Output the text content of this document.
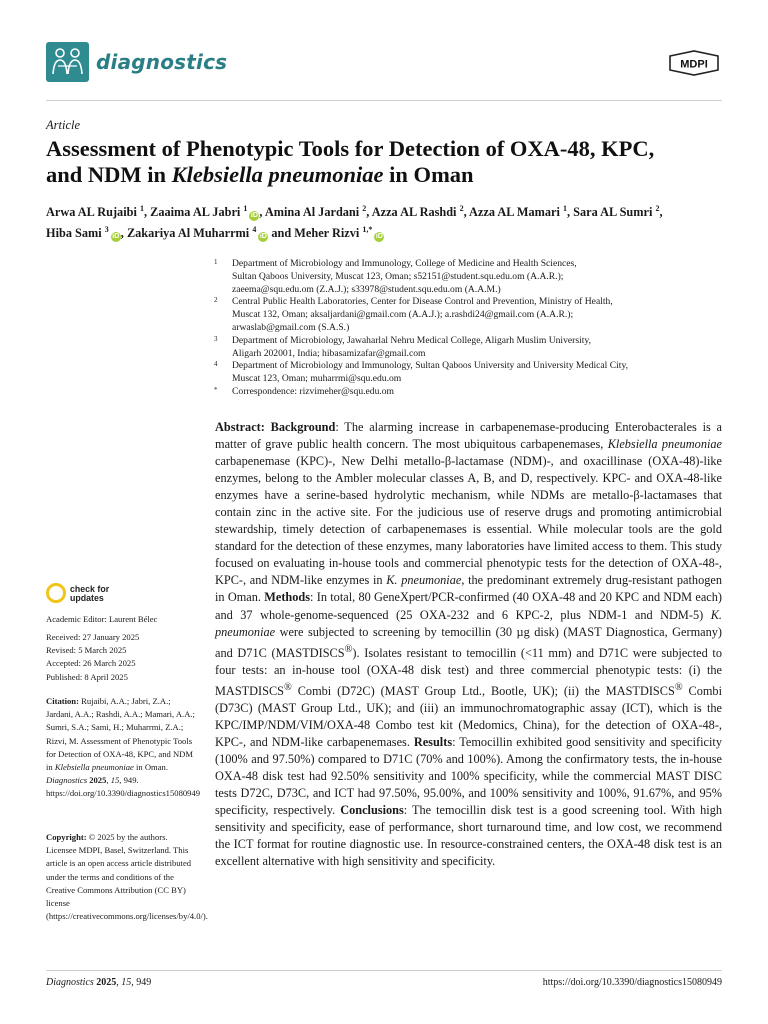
diagnostics	MDPI
Article
Assessment of Phenotypic Tools for Detection of OXA-48, KPC,
and NDM in Klebsiella pneumoniae in Oman
Arwa AL Rujaibi $^1$, Zaaima AL Jabri $^1$iD , Amina Al Jardani $^2$, Azza AL Rashdi $^2$, Azza AL Mamari $^1$, Sara AL Sumri $^2$,
Hiba Sami $^3$iD , Zakariya Al Muharrmi $^4$iD and Meher Rizvi $^{1,*}$iD
1 Department of Microbiology and Immunology, College of Medicine and Health Sciences,
Sultan Qaboos University, Muscat 123, Oman; s52151@student.squ.edu.om (A.A.R.);
zaeema@squ.edu.om (Z.A.J.); s33978@student.squ.edu.om (A.A.M.)
2 Central Public Health Laboratories, Center for Disease Control and Prevention, Ministry of Health,
Muscat 132, Oman; aksaljardani@gmail.com (A.A.J.); a.rashdi24@gmail.com (A.A.R.);
arwaslab@gmail.com (S.A.S.)
3 Department of Microbiology, Jawaharlal Nehru Medical College, Aligarh Muslim University,
Aligarh 202001, India; hibasamizafar@gmail.com
4 Department of Microbiology and Immunology, Sultan Qaboos University and University Medical City,
Muscat 123, Oman; muharrmi@squ.edu.om
* Correspondence: rizvimeher@squ.edu.om
Abstract: Background: The alarming increase in carbapenemase-producing Enterobacterales is a matter of grave public health concern. The most ubiquitous carbapenemases, Klebsiella pneumoniae carbapenemase (KPC)-, New Delhi metallo-β-lactamase (NDM)-, and oxacillinase (OXA-48)-like enzymes, belong to the Ambler molecular classes A, B, and D, respectively. KPC- and OXA-48-like enzymes have a serine-based hydrolytic mechanism, while NDMs are metallo-β-lactamases that contain zinc in the active site. For the judicious use of reserve drugs and promoting antimicrobial stewardship, timely detection of carbapenemases is essential. While molecular tools are the gold standard for the detection of these enzymes, many laboratories have limited access to them. This study focused on evaluating in-house tools and commercial phenotypic tests for the detection of OXA-48-, KPC-, and NDM-like enzymes in K. pneumoniae, the predominant extremely drug-resistant pathogen in Oman. Methods: In total, 80 GeneXpert/PCR-confirmed (40 OXA-48 and 20 KPC and NDM each) and 37 whole-genome-sequenced (25 OXA-232 and 6 KPC-2, plus NDM-1 and NDM-5) K. pneumoniae were subjected to screening by temocillin (30 µg disk) (MAST Diagnostica, Germany) and D71C (MASTDISCS®). Isolates resistant to temocillin (<11 mm) and D71C were subjected to four tests: an in-house tool (OXA-48 disk test) and three commercial phenotypic tests: (i) the MASTDISCS® Combi (D72C) (MAST Group Ltd., Bootle, UK); (ii) the MASTDISCS® Combi (D73C) (MAST Group Ltd., UK); and (iii) an immunochromatographic assay (ICT), which is the KPC/IMP/NDM/VIM/OXA-48 Combo test kit (Medomics, China), for the detection of OXA-48-, KPC-, and NDM-like carbapenemases. Results: Temocillin exhibited good sensitivity and specificity (100% and 97.50%) compared to D71C (70% and 100%). Among the confirmatory tests, the in-house OXA-48 disk test had 92.50% sensitivity and 100% specificity, while the commercial MAST DISC tests D72C, D73C, and ICT had 97.50%, 95.00%, and 100% sensitivity and 100%, 91.67%, and 95% specificity, respectively. Conclusions: The temocillin disk test is a good screening tool. With high sensitivity and specificity, ease of performance, short turnaround time, and low cost, we recommend the ICT format for routine diagnostic use. In resource-constrained centers, the OXA-48 disk test is an excellent alternative with high sensitivity and specificity.
check for
updates
Academic Editor: Laurent Bélec
Received: 27 January 2025
Revised: 5 March 2025
Accepted: 26 March 2025
Published: 8 April 2025
Citation: Rujaibi, A.A.; Jabri, Z.A.; Jardani, A.A.; Rashdi, A.A.; Mamari, A.A.; Sumri, S.A.; Sami, H.; Muharrmi, Z.A.; Rizvi, M. Assessment of Phenotypic Tools for Detection of OXA-48, KPC, and NDM in Klebsiella pneumoniae in Oman. Diagnostics 2025, 15, 949. https://doi.org/10.3390/diagnostics15080949
Copyright: © 2025 by the authors. Licensee MDPI, Basel, Switzerland. This article is an open access article distributed under the terms and conditions of the Creative Commons Attribution (CC BY) license (https://creativecommons.org/licenses/by/4.0/).
Diagnostics 2025, 15, 949	https://doi.org/10.3390/diagnostics15080949
